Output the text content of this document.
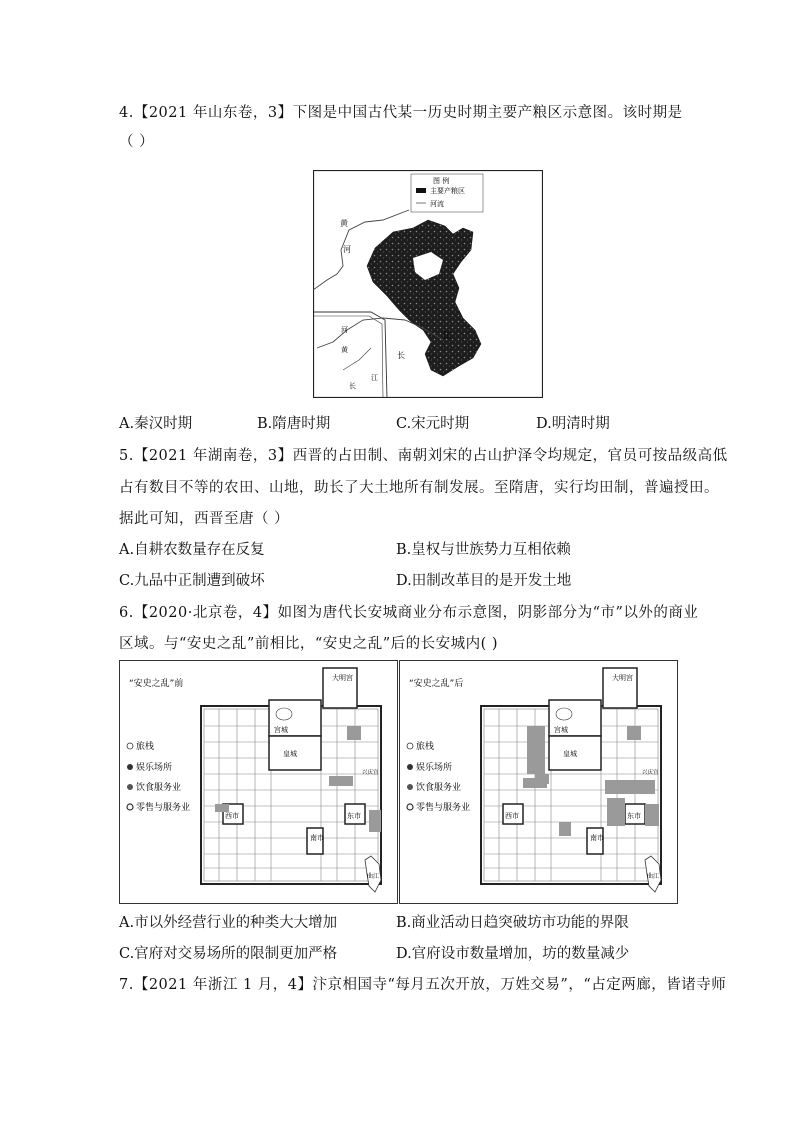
4.【2021 年山东卷，3】下图是中国古代某一历史时期主要产粮区示意图。该时期是
（ ）
图 例
主要产粮区
河流
黄
河
河
黄
江
长
江
长
A.秦汉时期	B.隋唐时期	C.宋元时期	D.明清时期
5.【2021 年湖南卷，3】西晋的占田制、南朝刘宋的占山护泽令均规定，官员可按品级高低
占有数目不等的农田、山地，助长了大土地所有制发展。至隋唐，实行均田制，普遍授田。
据此可知，西晋至唐（ ）
A.自耕农数量存在反复	B.皇权与世族势力互相依赖
C.九品中正制遭到破坏	D.田制改革目的是开发土地
6.【2020·北京卷，4】如图为唐代长安城商业分布示意图，阴影部分为“市”以外的商业
区域。与“安史之乱”前相比，“安史之乱”后的长安城内( )
“安史之乱”前
大明宫
宫城
皇城
西市	东市
南市
兴庆宫
曲江
旅栈
娱乐场所
饮食服务业
零售与服务业
“安史之乱”后
大明宫
宫城
皇城
西市	东市
南市
兴庆宫
曲江
旅栈
娱乐场所
饮食服务业
零售与服务业
A.市以外经营行业的种类大大增加	B.商业活动日趋突破坊市功能的界限
C.官府对交易场所的限制更加严格	D.官府设市数量增加，坊的数量减少
7.【2021 年浙江 1 月，4】汴京相国寺“每月五次开放，万姓交易”，“占定两廊，皆诸寺师
